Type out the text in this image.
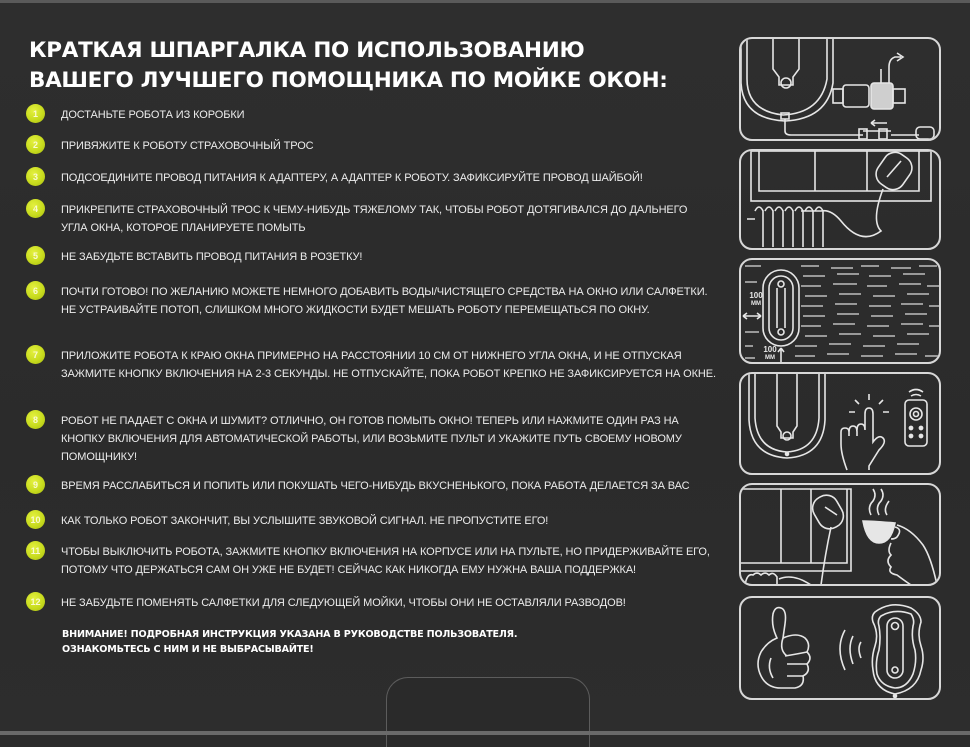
КРАТКАЯ ШПАРГАЛКА ПО ИСПОЛЬЗОВАНИЮ
ВАШЕГО ЛУЧШЕГО ПОМОЩНИКА ПО МОЙКЕ ОКОН:
1	ДОСТАНЬТЕ РОБОТА ИЗ КОРОБКИ
2	ПРИВЯЖИТЕ К РОБОТУ СТРАХОВОЧНЫЙ ТРОС
3	ПОДСОЕДИНИТЕ ПРОВОД ПИТАНИЯ К АДАПТЕРУ, А АДАПТЕР К РОБОТУ. ЗАФИКСИРУЙТЕ ПРОВОД ШАЙБОЙ!
4	ПРИКРЕПИТЕ СТРАХОВОЧНЫЙ ТРОС К ЧЕМУ-НИБУДЬ ТЯЖЕЛОМУ ТАК, ЧТОБЫ РОБОТ ДОТЯГИВАЛСЯ ДО ДАЛЬНЕГО УГЛА ОКНА, КОТОРОЕ ПЛАНИРУЕТЕ ПОМЫТЬ
5	НЕ ЗАБУДЬТЕ ВСТАВИТЬ ПРОВОД ПИТАНИЯ В РОЗЕТКУ!
6	ПОЧТИ ГОТОВО! ПО ЖЕЛАНИЮ МОЖЕТЕ НЕМНОГО ДОБАВИТЬ ВОДЫ/ЧИСТЯЩЕГО СРЕДСТВА НА ОКНО ИЛИ САЛФЕТКИ. НЕ УСТРАИВАЙТЕ ПОТОП, СЛИШКОМ МНОГО ЖИДКОСТИ БУДЕТ МЕШАТЬ РОБОТУ ПЕРЕМЕЩАТЬСЯ ПО ОКНУ.
7	ПРИЛОЖИТЕ РОБОТА К КРАЮ ОКНА ПРИМЕРНО НА РАССТОЯНИИ 10 СМ ОТ НИЖНЕГО УГЛА ОКНА, И НЕ ОТПУСКАЯ ЗАЖМИТЕ КНОПКУ ВКЛЮЧЕНИЯ НА 2-3 СЕКУНДЫ. НЕ ОТПУСКАЙТЕ, ПОКА РОБОТ КРЕПКО НЕ ЗАФИКСИРУЕТСЯ НА ОКНЕ.
8	РОБОТ НЕ ПАДАЕТ С ОКНА И ШУМИТ? ОТЛИЧНО, ОН ГОТОВ ПОМЫТЬ ОКНО! ТЕПЕРЬ ИЛИ НАЖМИТЕ ОДИН РАЗ НА КНОПКУ ВКЛЮЧЕНИЯ ДЛЯ АВТОМАТИЧЕСКОЙ РАБОТЫ, ИЛИ ВОЗЬМИТЕ ПУЛЬТ И УКАЖИТЕ ПУТЬ СВОЕМУ НОВОМУ ПОМОЩНИКУ!
9	ВРЕМЯ РАССЛАБИТЬСЯ И ПОПИТЬ ИЛИ ПОКУШАТЬ ЧЕГО-НИБУДЬ ВКУСНЕНЬКОГО, ПОКА РАБОТА ДЕЛАЕТСЯ ЗА ВАС
10	КАК ТОЛЬКО РОБОТ ЗАКОНЧИТ, ВЫ УСЛЫШИТЕ ЗВУКОВОЙ СИГНАЛ. НЕ ПРОПУСТИТЕ ЕГО!
11	ЧТОБЫ ВЫКЛЮЧИТЬ РОБОТА, ЗАЖМИТЕ КНОПКУ ВКЛЮЧЕНИЯ НА КОРПУСЕ ИЛИ НА ПУЛЬТЕ, НО ПРИДЕРЖИВАЙТЕ ЕГО, ПОТОМУ ЧТО ДЕРЖАТЬСЯ САМ ОН УЖЕ НЕ БУДЕТ! СЕЙЧАС КАК НИКОГДА ЕМУ НУЖНА ВАША ПОДДЕРЖКА!
12	НЕ ЗАБУДЬТЕ ПОМЕНЯТЬ САЛФЕТКИ ДЛЯ СЛЕДУЮЩЕЙ МОЙКИ, ЧТОБЫ ОНИ НЕ ОСТАВЛЯЛИ РАЗВОДОВ!
ВНИМАНИЕ! ПОДРОБНАЯ ИНСТРУКЦИЯ УКАЗАНА В РУКОВОДСТВЕ ПОЛЬЗОВАТЕЛЯ.
ОЗНАКОМЬТЕСЬ С НИМ И НЕ ВЫБРАСЫВАЙТЕ!
100
ММ
100
ММ
